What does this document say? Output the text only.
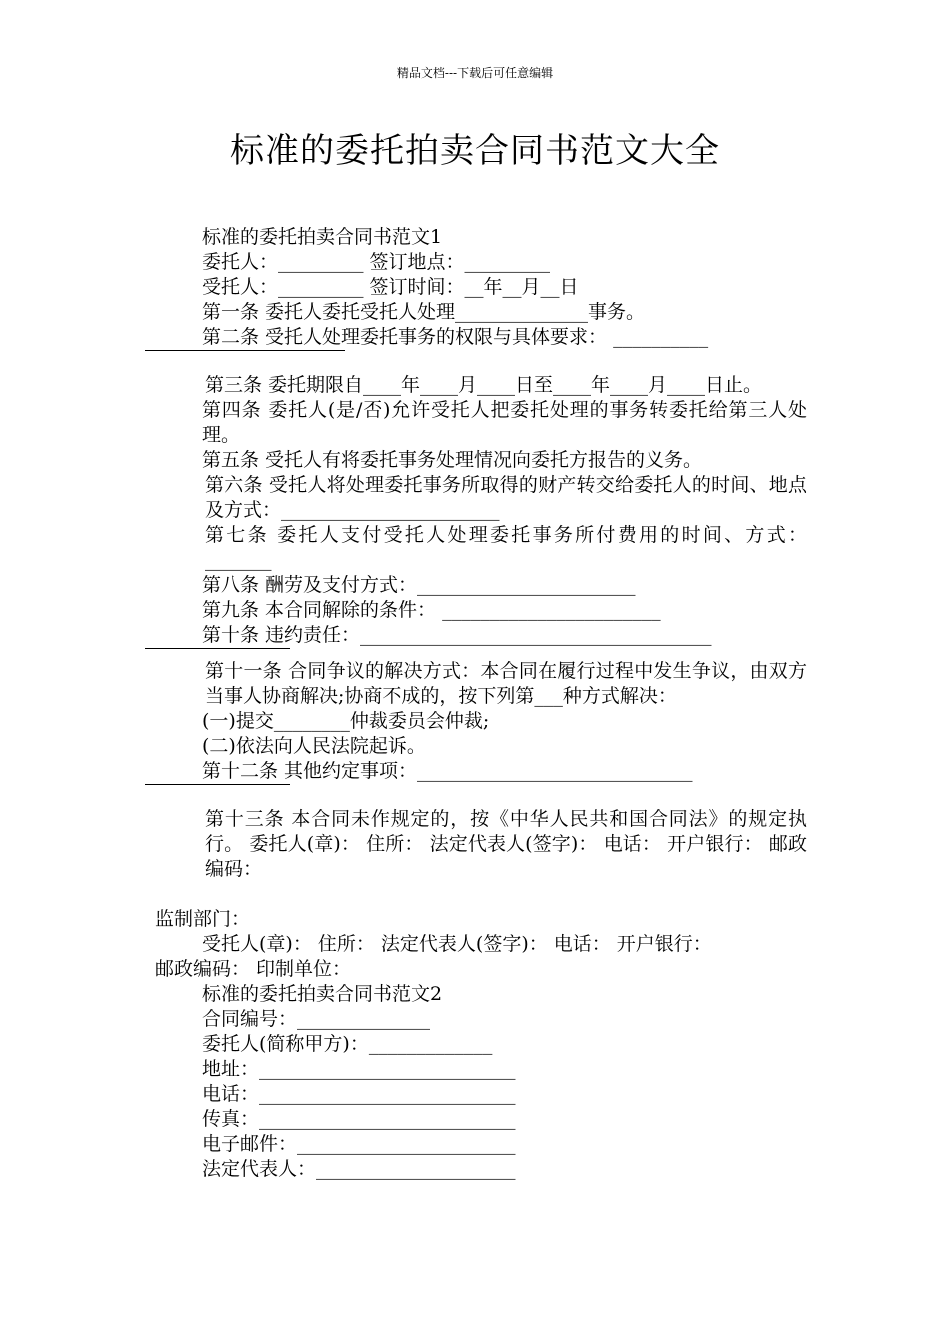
精品文档---下载后可任意编辑
标准的委托拍卖合同书范文大全

标准的委托拍卖合同书范文1

委托人：_________ 签订地点：_________

受托人：_________ 签订时间：__年__月__日

第一条 委托人委托受托人处理______________事务。

第二条 受托人处理委托事务的权限与具体要求： __________

第三条 委托期限自____年____月____日至____年____月____日止。

第四条 委托人(是/否)允许受托人把委托处理的事务转委托给第三人处理。

第五条 受托人有将委托事务处理情况向委托方报告的义务。

第六条 受托人将处理委托事务所取得的财产转交给委托人的时间、地点及方式：_______________________

第七条 委托人支付受托人处理委托事务所付费用的时间、方式： _______

第八条 酬劳及支付方式：_______________________

第九条 本合同解除的条件： _______________________

第十条 违约责任：_____________________________________

第十一条 合同争议的解决方式：本合同在履行过程中发生争议，由双方当事人协商解决;协商不成的，按下列第___种方式解决：

(一)提交________仲裁委员会仲裁;

(二)依法向人民法院起诉。

第十二条 其他约定事项：_____________________________

第十三条 本合同未作规定的，按《中华人民共和国合同法》的规定执行。 委托人(章)： 住所： 法定代表人(签字)： 电话： 开户银行： 邮政编码：

监制部门：

受托人(章)： 住所： 法定代表人(签字)： 电话： 开户银行：

邮政编码： 印制单位：

标准的委托拍卖合同书范文2

合同编号：______________

委托人(简称甲方)：_____________

地址：___________________________

电话：___________________________

传真：___________________________

电子邮件：_______________________

法定代表人：_____________________
